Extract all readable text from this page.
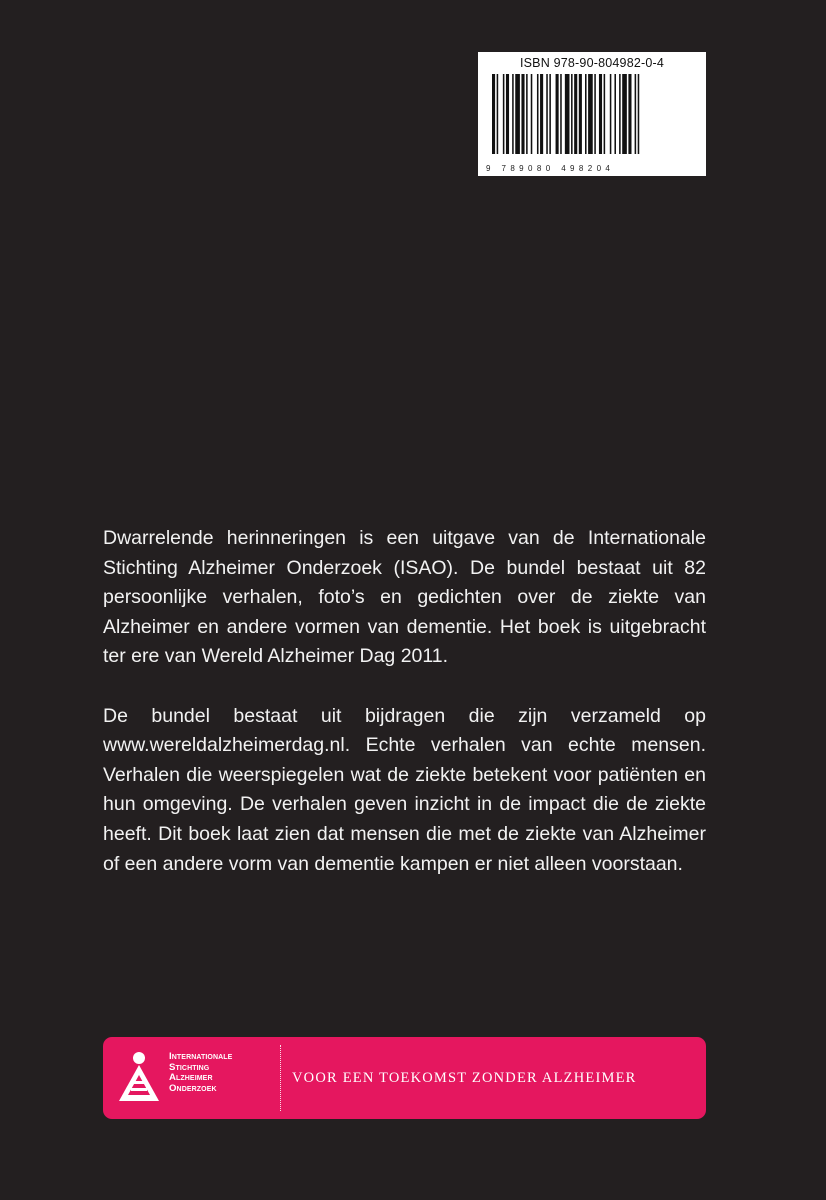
ISBN 978-90-804982-0-4
9 789080 498204

Dwarrelende herinneringen is een uitgave van de Internationale Stichting Alzheimer Onderzoek (ISAO). De bundel bestaat uit 82 persoonlijke verhalen, foto’s en gedichten over de ziekte van Alzheimer en andere vormen van dementie. Het boek is uitgebracht ter ere van Wereld Alzheimer Dag 2011.

De bundel bestaat uit bijdragen die zijn verzameld op www.wereldalzheimerdag.nl. Echte verhalen van echte mensen. Verhalen die weerspiegelen wat de ziekte betekent voor patiënten en hun omgeving. De verhalen geven inzicht in de impact die de ziekte heeft. Dit boek laat zien dat mensen die met de ziekte van Alzheimer of een andere vorm van dementie kampen er niet alleen voorstaan.

Internationale
Stichting
Alzheimer
Onderzoek
VOOR EEN TOEKOMST ZONDER ALZHEIMER
